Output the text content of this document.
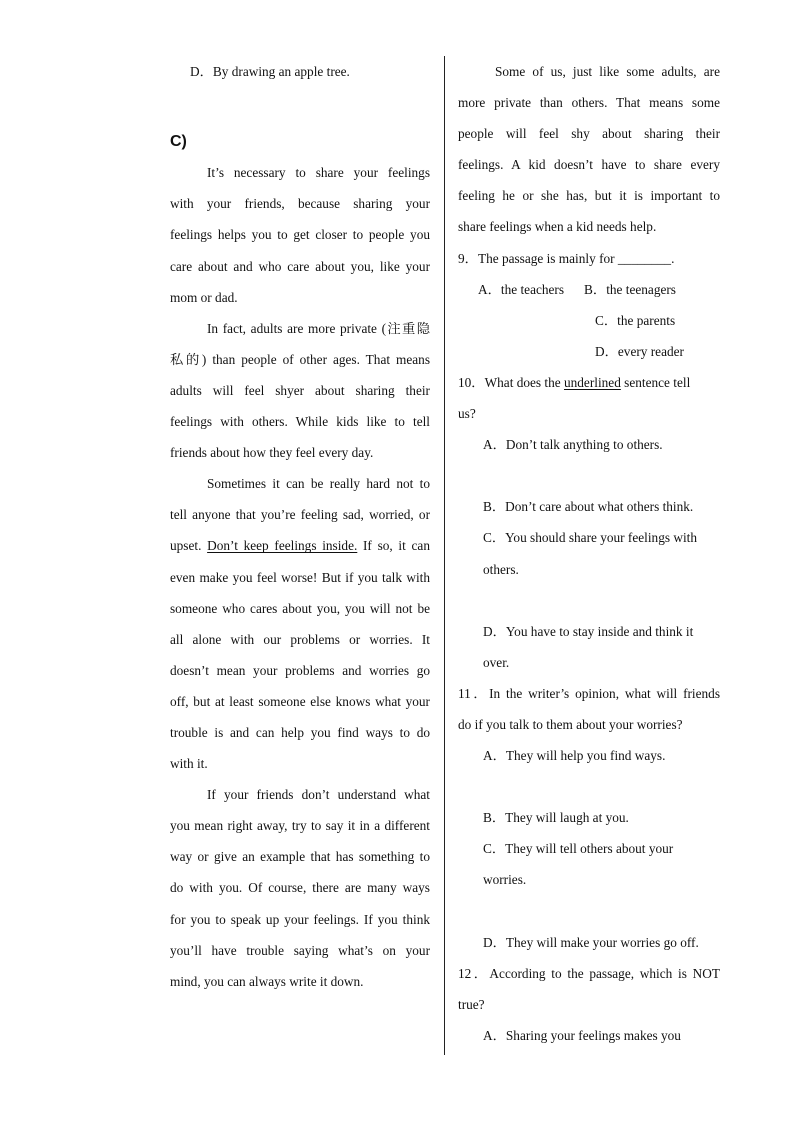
D．By drawing an apple tree.
C)
It’s necessary to share your feelings
with your friends, because sharing your
feelings helps you to get closer to people you
care about and who care about you, like your
mom or dad.
In fact, adults are more private (注重隐
私的) than people of other ages. That means
adults will feel shyer about sharing their
feelings with others. While kids like to tell
friends about how they feel every day.
Sometimes it can be really hard not to
tell anyone that you’re feeling sad, worried, or
upset. Don’t keep feelings inside. If so, it can
even make you feel worse! But if you talk with
someone who cares about you, you will not be
all alone with our problems or worries. It
doesn’t mean your problems and worries go
off, but at least someone else knows what your
trouble is and can help you find ways to do
with it.
If your friends don’t understand what
you mean right away, try to say it in a different
way or give an example that has something to
do with you. Of course, there are many ways
for you to speak up your feelings. If you think
you’ll have trouble saying what’s on your
mind, you can always write it down.
Some of us, just like some adults, are
more private than others. That means some
people will feel shy about sharing their
feelings. A kid doesn’t have to share every
feeling he or she has, but it is important to
share feelings when a kid needs help.
9．The passage is mainly for ________.
A．the teachers B．the teenagers
C．the parents
D．every reader
10．What does the underlined sentence tell
us?
A．Don’t talk anything to others.
B．Don’t care about what others think.
C．You should share your feelings with
others.
D．You have to stay inside and think it
over.
11．In the writer’s opinion, what will friends
do if you talk to them about your worries?
A．They will help you find ways.
B．They will laugh at you.
C．They will tell others about your
worries.
D．They will make your worries go off.
12．According to the passage, which is NOT
true?
A．Sharing your feelings makes you
